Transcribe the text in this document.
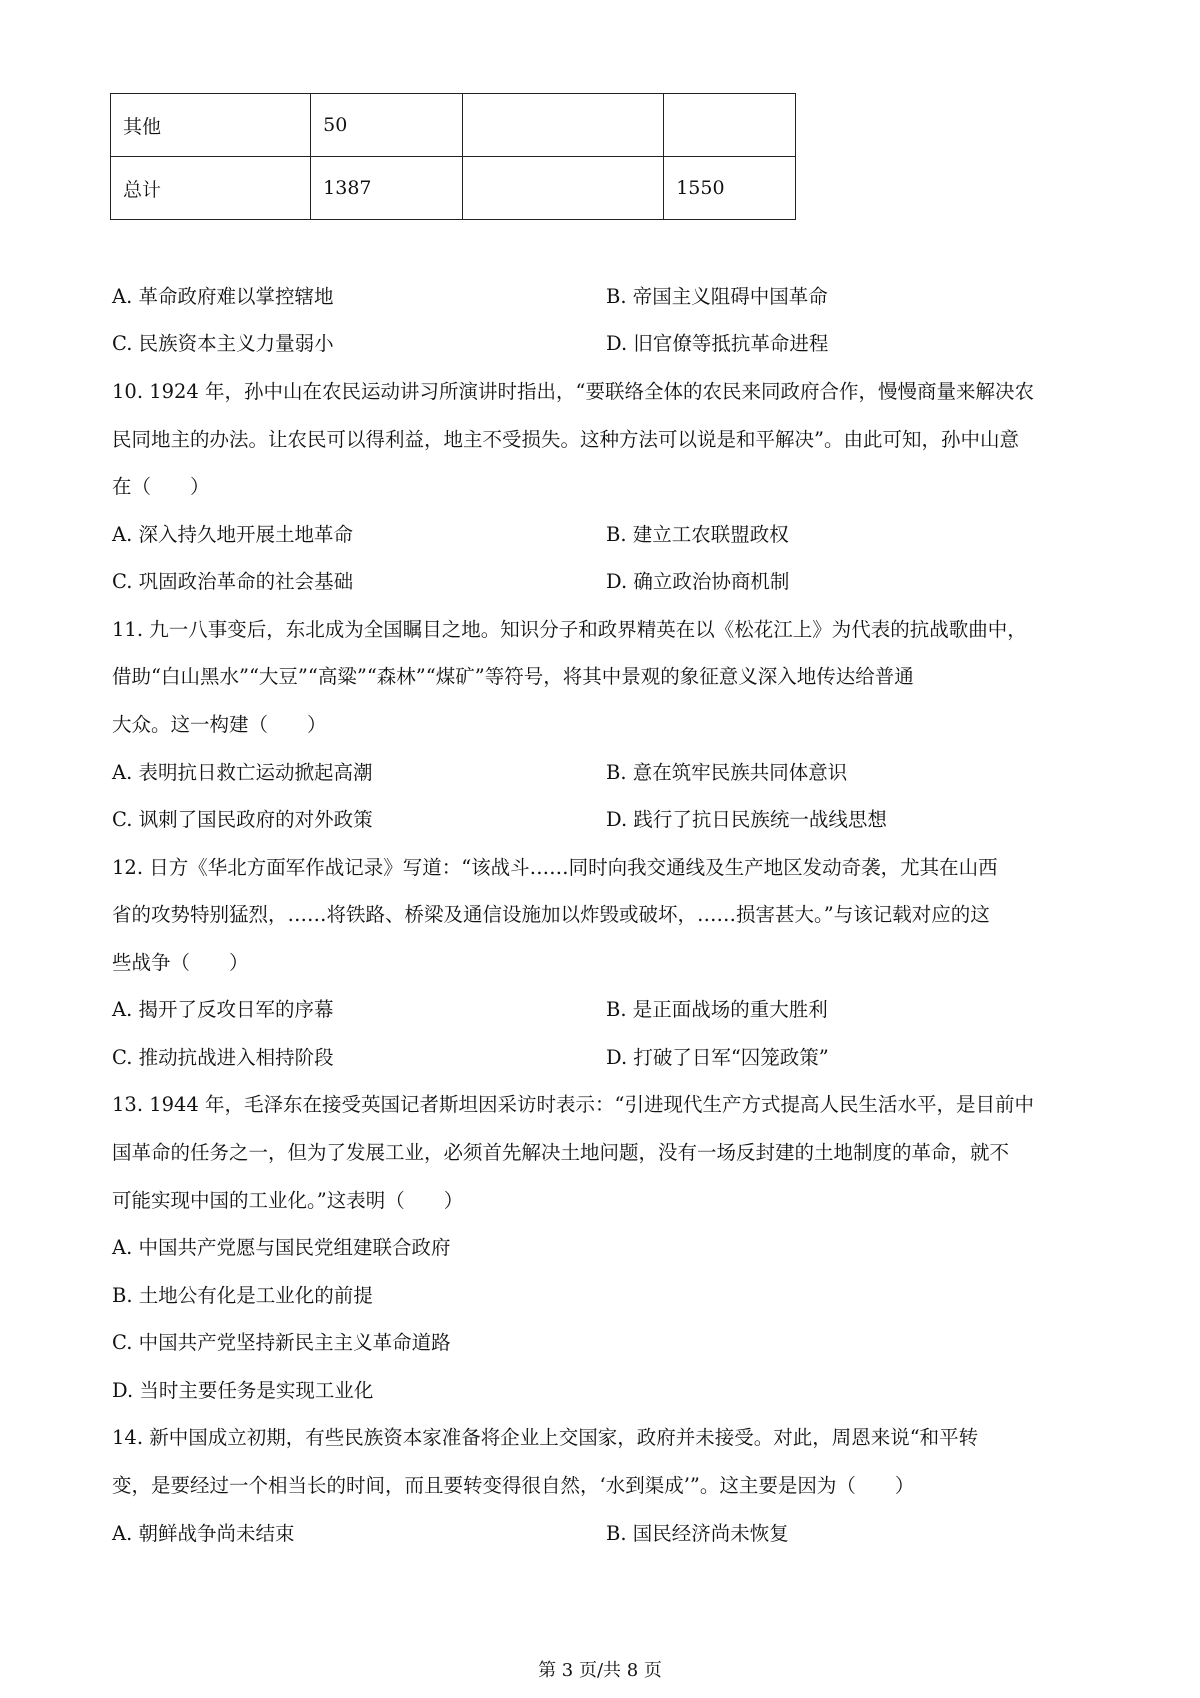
其他	50		
总计	1387		1550
A. 革命政府难以掌控辖地	B. 帝国主义阻碍中国革命
C. 民族资本主义力量弱小	D. 旧官僚等抵抗革命进程
10. 1924 年，孙中山在农民运动讲习所演讲时指出，“要联络全体的农民来同政府合作，慢慢商量来解决农
民同地主的办法。让农民可以得利益，地主不受损失。这种方法可以说是和平解决”。由此可知，孙中山意
在（　　）
A. 深入持久地开展土地革命	B. 建立工农联盟政权
C. 巩固政治革命的社会基础	D. 确立政治协商机制
11. 九一八事变后，东北成为全国瞩目之地。知识分子和政界精英在以《松花江上》为代表的抗战歌曲中，
借助“白山黑水”“大豆”“高粱”“森林”“煤矿”等符号，将其中景观的象征意义深入地传达给普通
大众。这一构建（　　）
A. 表明抗日救亡运动掀起高潮	B. 意在筑牢民族共同体意识
C. 讽刺了国民政府的对外政策	D. 践行了抗日民族统一战线思想
12. 日方《华北方面军作战记录》写道：“该战斗……同时向我交通线及生产地区发动奇袭，尤其在山西
省的攻势特别猛烈，……将铁路、桥梁及通信设施加以炸毁或破坏，……损害甚大。”与该记载对应的这
些战争（　　）
A. 揭开了反攻日军的序幕	B. 是正面战场的重大胜利
C. 推动抗战进入相持阶段	D. 打破了日军“囚笼政策”
13. 1944 年，毛泽东在接受英国记者斯坦因采访时表示：“引进现代生产方式提高人民生活水平，是目前中
国革命的任务之一，但为了发展工业，必须首先解决土地问题，没有一场反封建的土地制度的革命，就不
可能实现中国的工业化。”这表明（　　）
A. 中国共产党愿与国民党组建联合政府
B. 土地公有化是工业化的前提
C. 中国共产党坚持新民主主义革命道路
D. 当时主要任务是实现工业化
14. 新中国成立初期，有些民族资本家准备将企业上交国家，政府并未接受。对此，周恩来说“和平转
变，是要经过一个相当长的时间，而且要转变得很自然，‘水到渠成’”。这主要是因为（　　）
A. 朝鲜战争尚未结束	B. 国民经济尚未恢复
第 3 页/共 8 页
